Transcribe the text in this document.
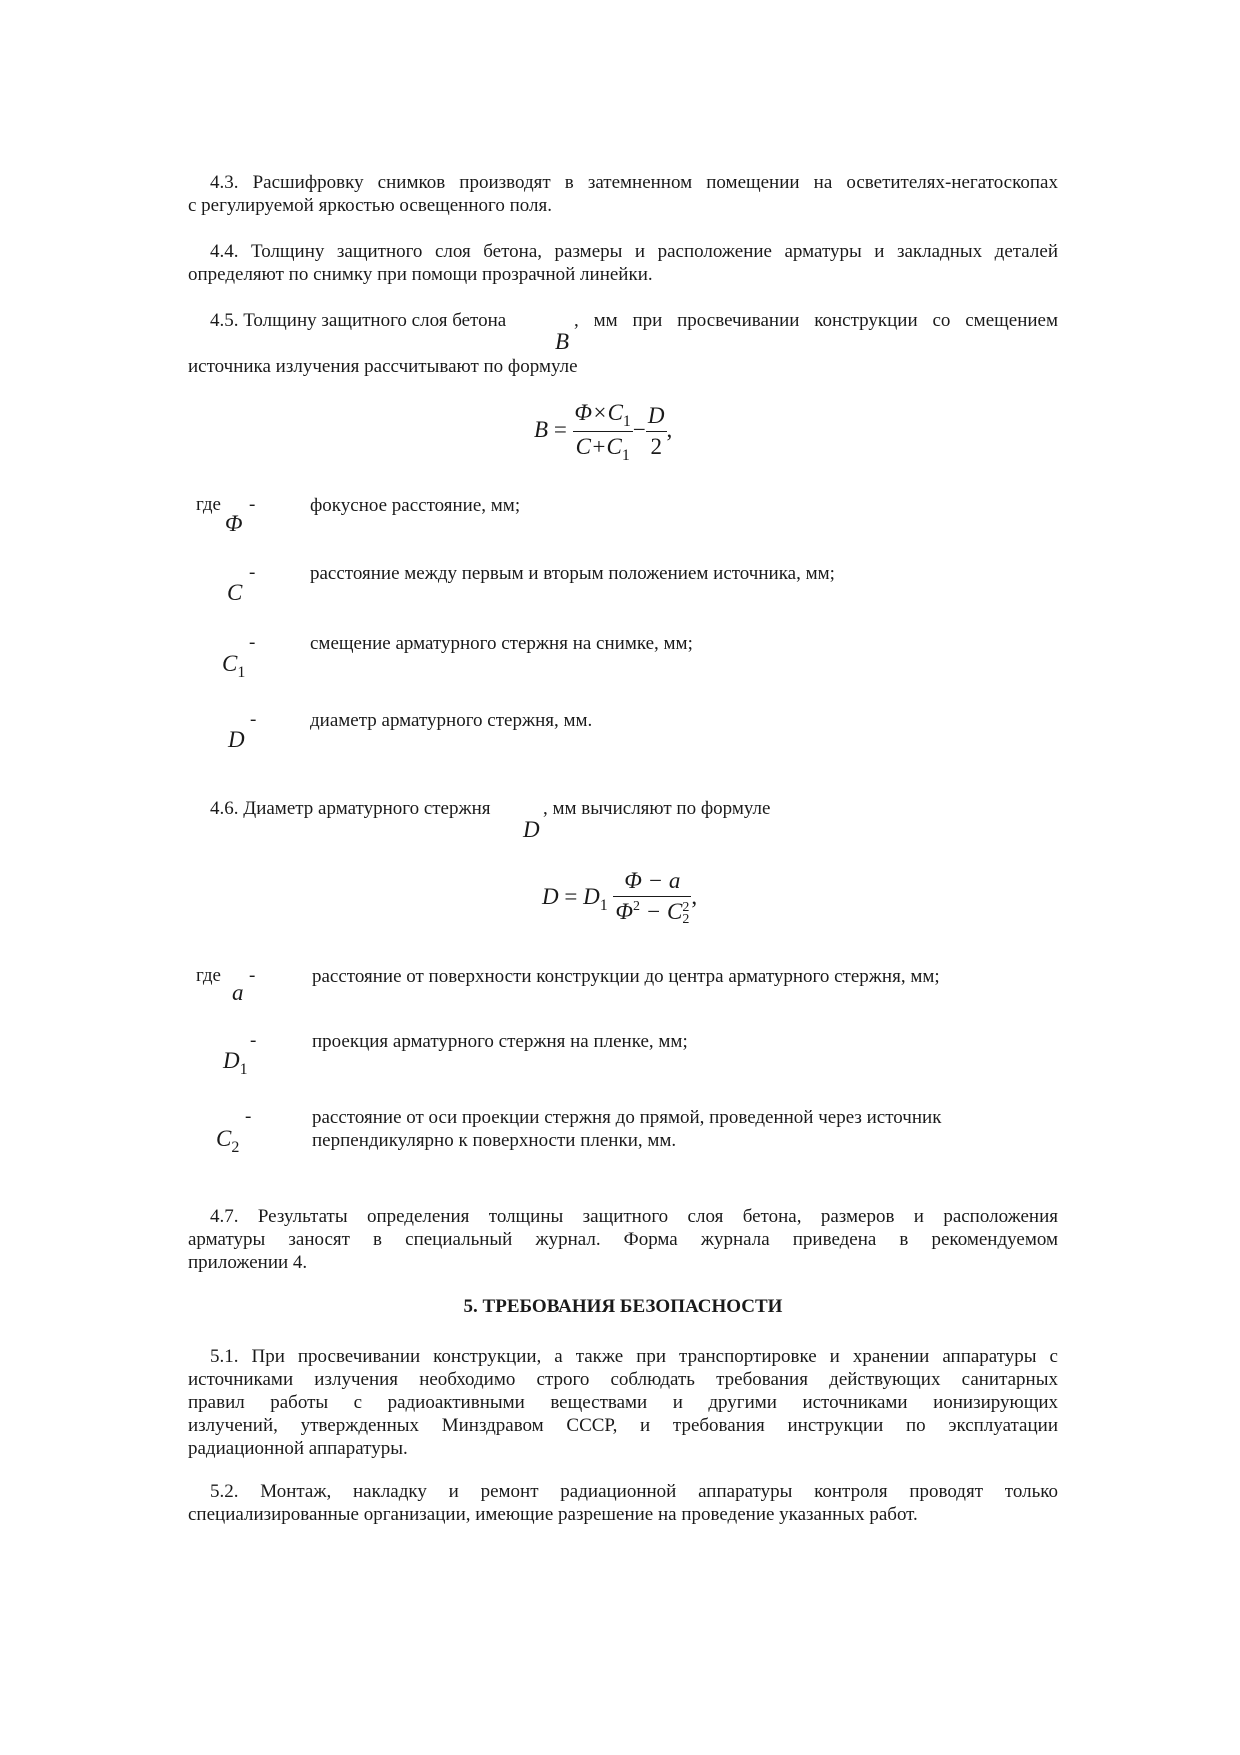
4.3. Расшифровку снимков производят в затемненном помещении на осветителях-негатоскопах
с регулируемой яркостью освещенного поля.
4.4. Толщину защитного слоя бетона, размеры и расположение арматуры и закладных деталей
определяют по снимку при помощи прозрачной линейки.
4.5. Толщину защитного слоя бетона
B
, мм при просвечивании конструкции со смещением
источника излучения рассчитывают по формуле
$B = \frac{\Phi\times C_1}{C+C_1} - \frac{D}{2}$ ,
где -
Φ
фокусное расстояние, мм;
-
C
расстояние между первым и вторым положением источника, мм;
-
$C_1$
смещение арматурного стержня на снимке, мм;
-
D
диаметр арматурного стержня, мм.
4.6. Диаметр арматурного стержня
D
, мм вычисляют по формуле
$D = D_1$ Φ − a
$\Phi^2 - C$ 2
2 ,
где -
a
расстояние от поверхности конструкции до центра арматурного стержня, мм;
-
$D_1$
проекция арматурного стержня на пленке, мм;
-
$C_2$
расстояние от оси проекции стержня до прямой, проведенной через источник
перпендикулярно к поверхности пленки, мм.
4.7. Результаты определения толщины защитного слоя бетона, размеров и расположения
арматуры заносят в специальный журнал. Форма журнала приведена в рекомендуемом
приложении 4.
5. ТРЕБОВАНИЯ БЕЗОПАСНОСТИ
5.1. При просвечивании конструкции, а также при транспортировке и хранении аппаратуры с
источниками излучения необходимо строго соблюдать требования действующих санитарных
правил работы с радиоактивными веществами и другими источниками ионизирующих
излучений, утвержденных Минздравом СССР, и требования инструкции по эксплуатации
радиационной аппаратуры.
5.2. Монтаж, накладку и ремонт радиационной аппаратуры контроля проводят только
специализированные организации, имеющие разрешение на проведение указанных работ.
